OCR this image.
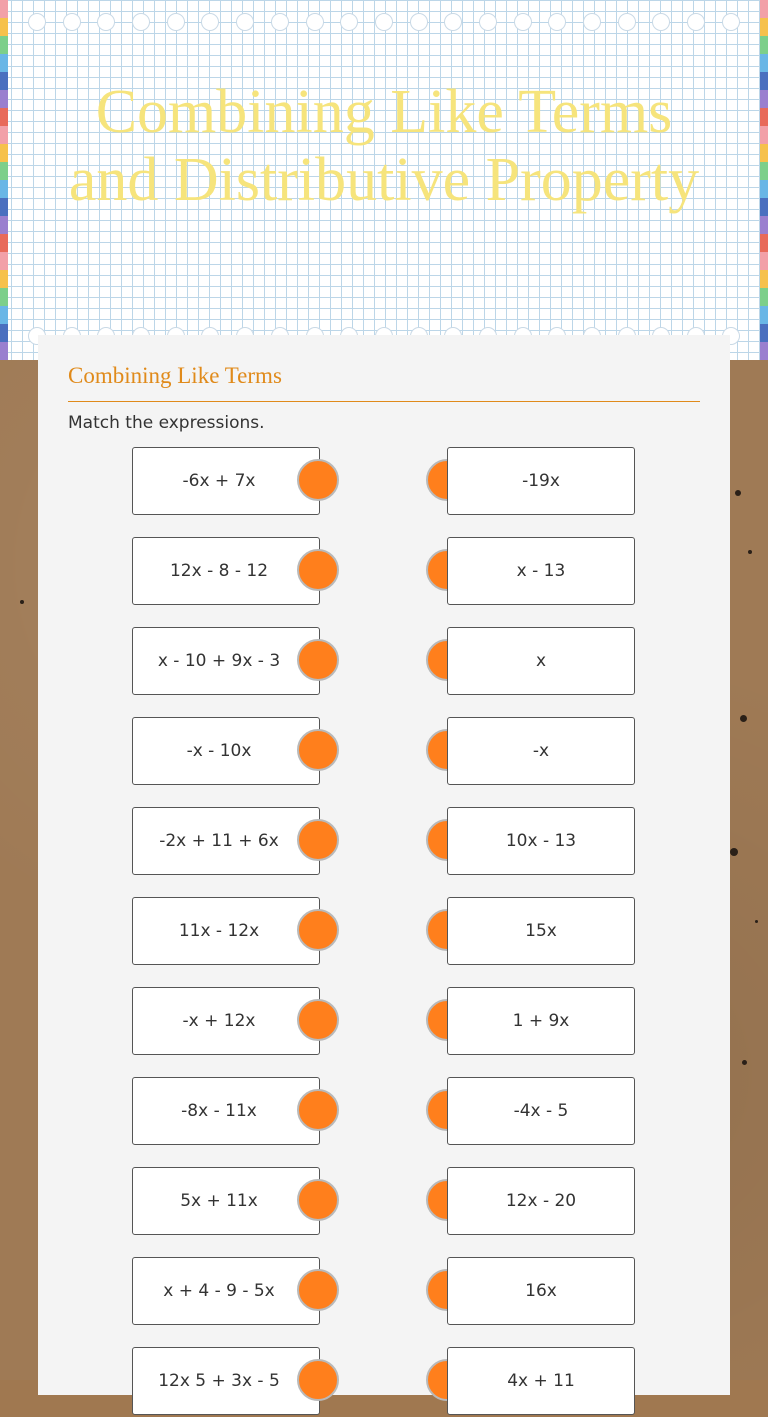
Combining Like Terms and Distributive Property
Combining Like Terms
Match the expressions.
-6x + 7x	-19x
12x - 8 - 12	x - 13
x - 10 + 9x - 3	x
-x - 10x	-x
-2x + 11 + 6x	10x - 13
11x - 12x	15x
-x + 12x	1 + 9x
-8x - 11x	-4x - 5
5x + 11x	12x - 20
x + 4 - 9 - 5x	16x
12x 5 + 3x - 5	4x + 11
